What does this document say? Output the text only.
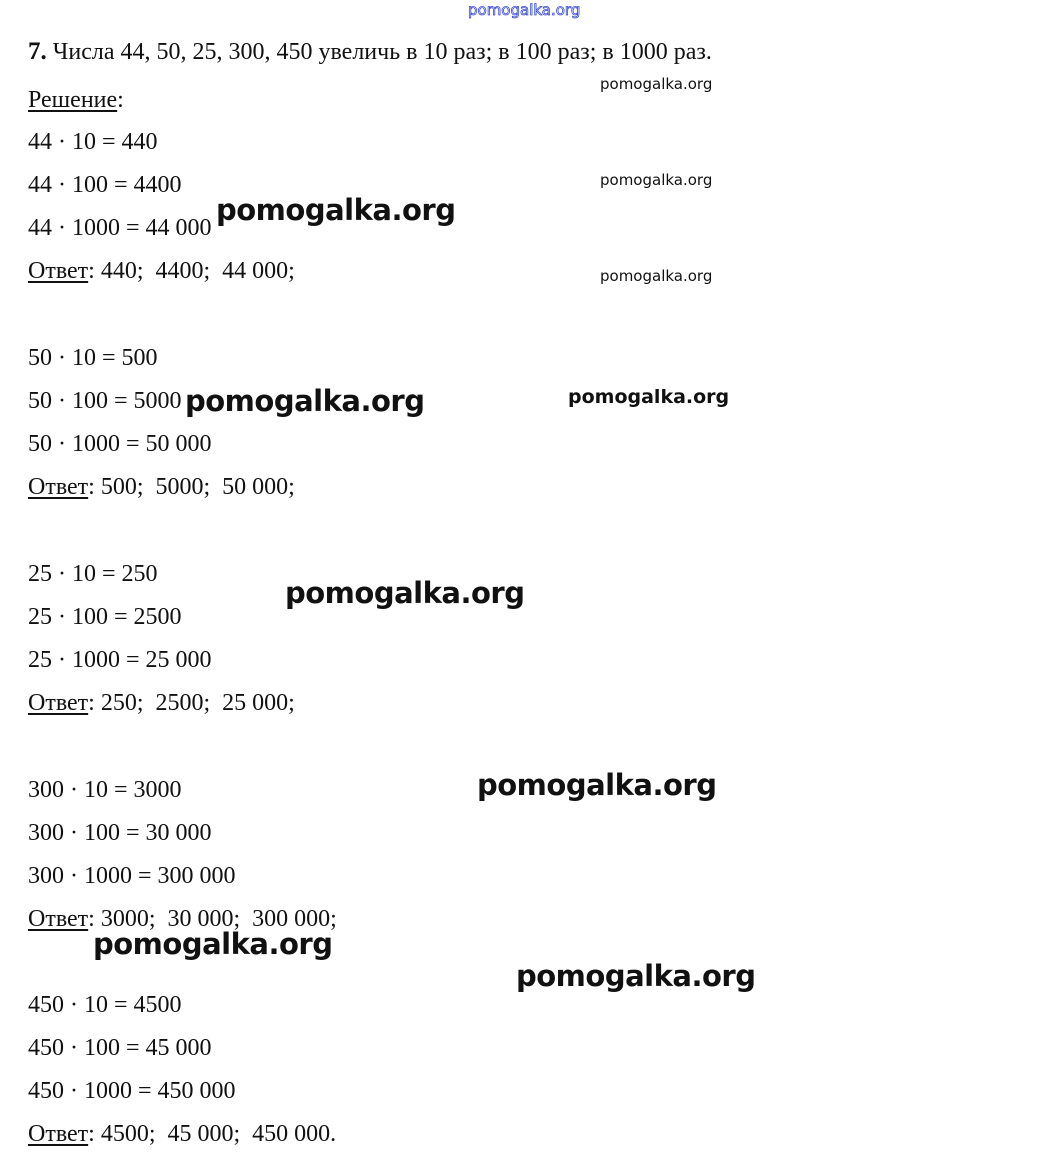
pomogalka.org
7. Числа 44, 50, 25, 300, 450 увеличь в 10 раз; в 100 раз; в 1000 раз.
Решение:
44 · 10 = 440
44 · 100 = 4400
44 · 1000 = 44 000
Ответ: 440;  4400;  44 000;
50 · 10 = 500
50 · 100 = 5000
50 · 1000 = 50 000
Ответ: 500;  5000;  50 000;
25 · 10 = 250
25 · 100 = 2500
25 · 1000 = 25 000
Ответ: 250;  2500;  25 000;
300 · 10 = 3000
300 · 100 = 30 000
300 · 1000 = 300 000
Ответ: 3000;  30 000;  300 000;
450 · 10 = 4500
450 · 100 = 45 000
450 · 1000 = 450 000
Ответ: 4500;  45 000;  450 000.
pomogalka.org
pomogalka.org
pomogalka.org
pomogalka.org
pomogalka.org	pomogalka.org
pomogalka.org
pomogalka.org
pomogalka.org
pomogalka.org
